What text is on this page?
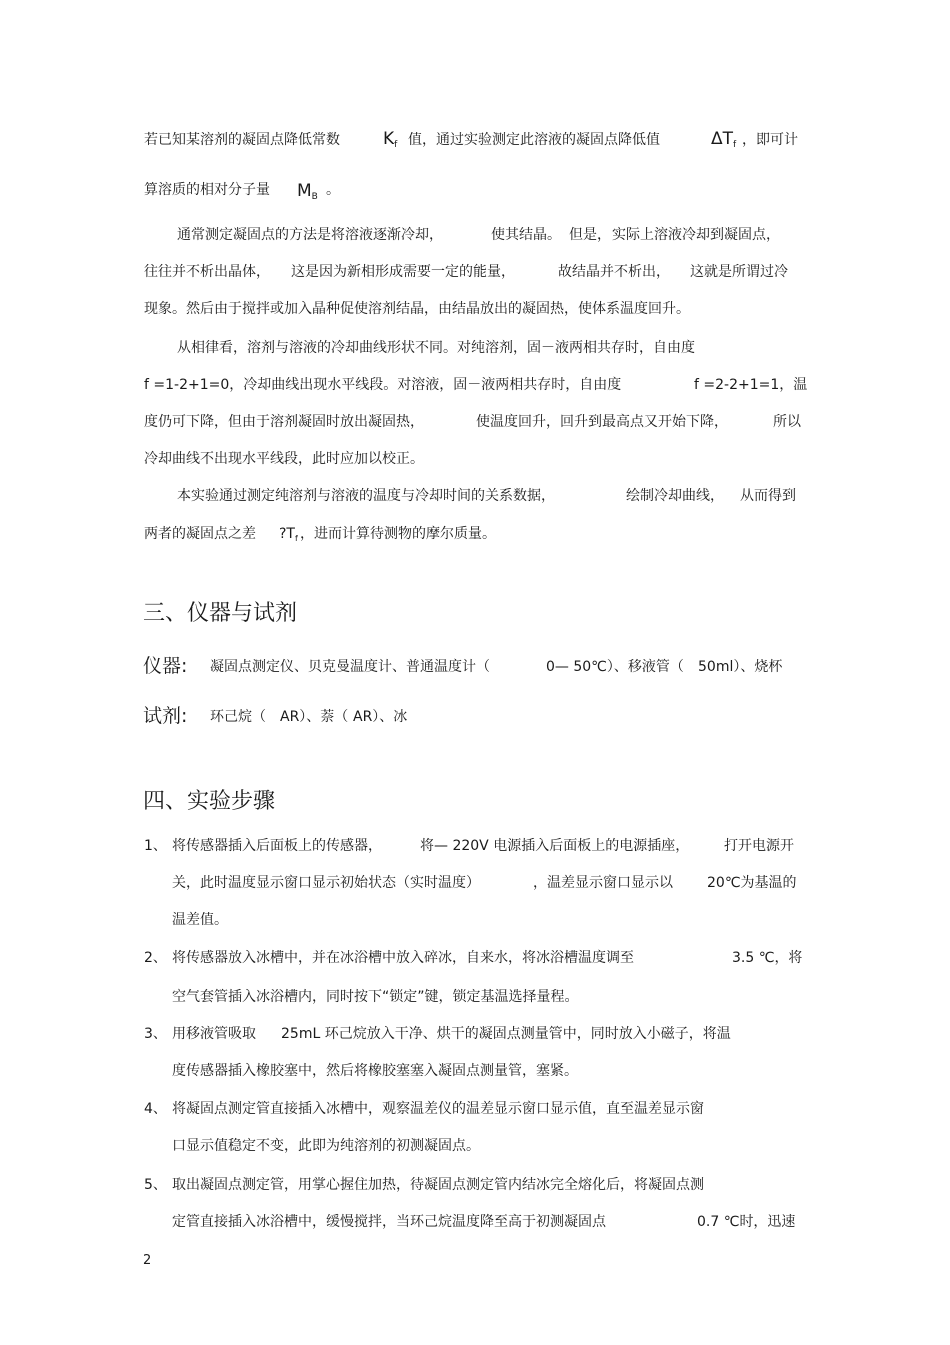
若已知某溶剂的凝固点降低常数	$K_f$ 值，通过实验测定此溶液的凝固点降低值	$\Delta T_f$ ，即可计
算溶质的相对分子量 $M_B$ 。
通常测定凝固点的方法是将溶液逐渐冷却，	使其结晶。 但是， 实际上溶液冷却到凝固点，
往往并不析出晶体， 这是因为新相形成需要一定的能量，	故结晶并不析出， 这就是所谓过冷
现象。然后由于搅拌或加入晶种促使溶剂结晶，由结晶放出的凝固热，使体系温度回升。
从相律看，溶剂与溶液的冷却曲线形状不同。对纯溶剂，固－液两相共存时，自由度
f =1-2+1=0，冷却曲线出现水平线段。对溶液，固－液两相共存时，自由度	f =2-2+1=1，温
度仍可下降，但由于溶剂凝固时放出凝固热，	使温度回升，回升到最高点又开始下降，	所以
冷却曲线不出现水平线段，此时应加以校正。
本实验通过测定纯溶剂与溶液的温度与冷却时间的关系数据，	绘制冷却曲线， 从而得到
两者的凝固点之差 $?T_f$ ，进而计算待测物的摩尔质量。
三、仪器与试剂
仪器: 凝固点测定仪、贝克曼温度计、普通温度计（	0— 50℃）、移液管（ 50ml）、烧杯
试剂: 环己烷（ AR）、萘（ AR）、冰
四、实验步骤
1、 将传感器插入后面板上的传感器，	将— 220V 电源插入后面板上的电源插座， 打开电源开
关，此时温度显示窗口显示初始状态（实时温度）	，温差显示窗口显示以 20℃为基温的
温差值。
2、 将传感器放入冰槽中，并在冰浴槽中放入碎冰，自来水，将冰浴槽温度调至	3.5 ℃，将
空气套管插入冰浴槽内，同时按下“锁定”键，锁定基温选择量程。
3、 用移液管吸取 25mL 环己烷放入干净、烘干的凝固点测量管中，同时放入小磁子，将温
度传感器插入橡胶塞中，然后将橡胶塞塞入凝固点测量管，塞紧。
4、 将凝固点测定管直接插入冰槽中，观察温差仪的温差显示窗口显示值，直至温差显示窗
口显示值稳定不变，此即为纯溶剂的初测凝固点。
5、 取出凝固点测定管，用掌心握住加热，待凝固点测定管内结冰完全熔化后，将凝固点测
定管直接插入冰浴槽中，缓慢搅拌，当环己烷温度降至高于初测凝固点	0.7 ℃时，迅速
2
